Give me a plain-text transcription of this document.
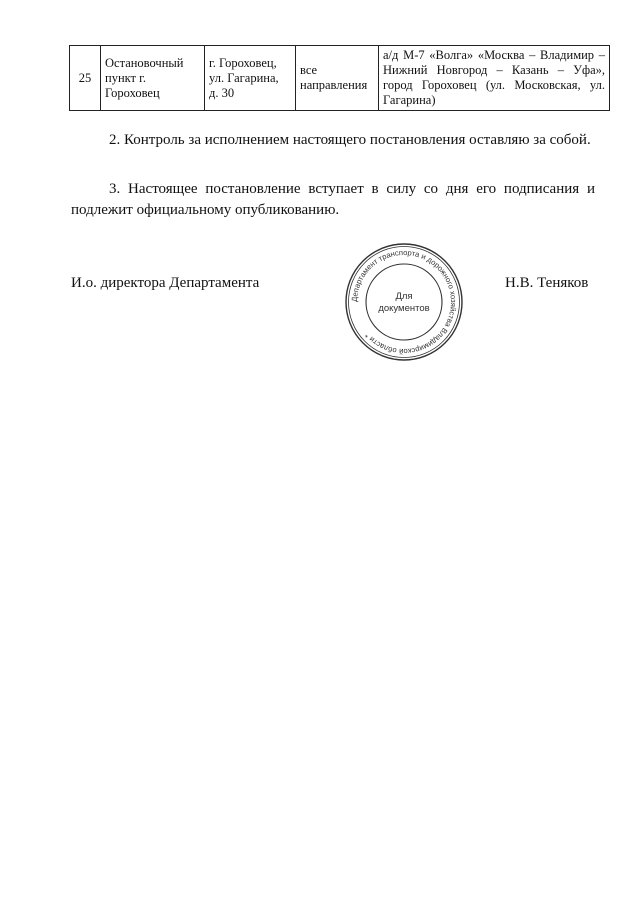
25	Остановочный пункт г. Гороховец	г. Гороховец, ул. Гагарина, д. 30	все направления	а/д М-7 «Волга» «Москва – Владимир – Нижний Новгород – Казань – Уфа», город Гороховец (ул. Московская, ул. Гагарина)

2. Контроль за исполнением настоящего постановления оставляю за собой.

3. Настоящее постановление вступает в силу со дня его подписания и подлежит официальному опубликованию.

И.о. директора Департамента
Департамент транспорта и дорожного хозяйства Владимирской области *
Для
документов
Н.В. Теняков
